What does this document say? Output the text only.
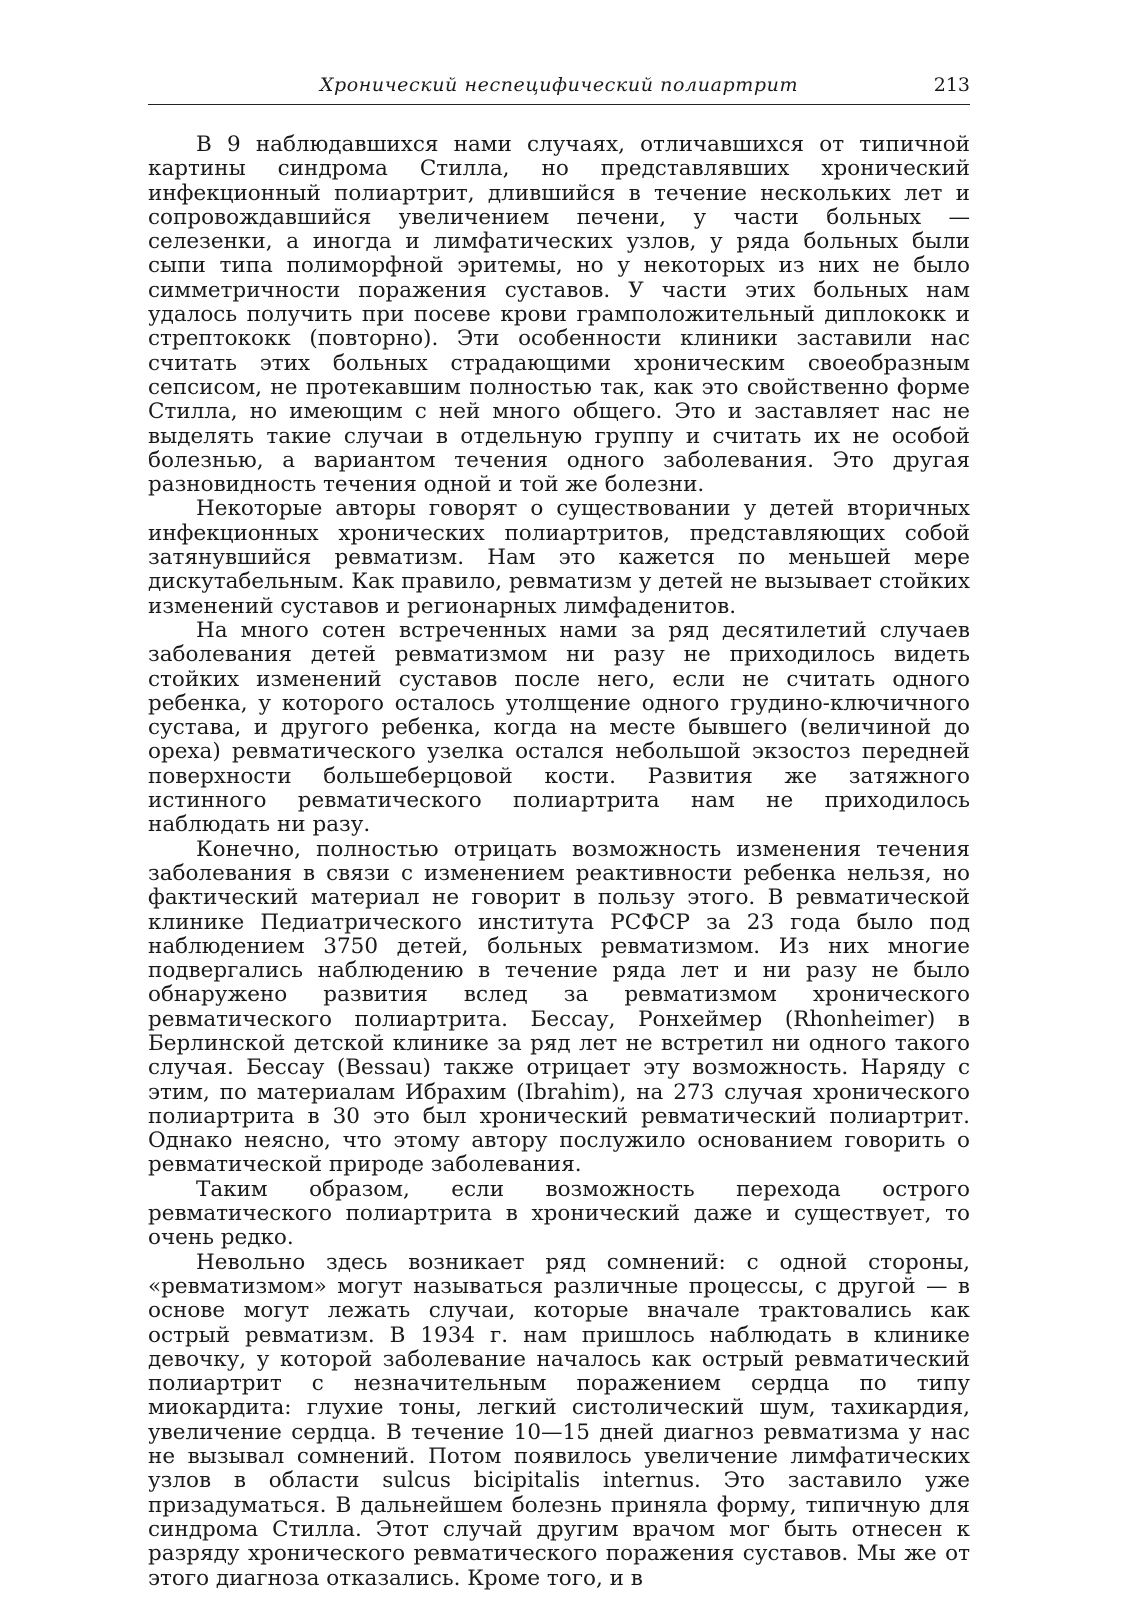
Хронический неспецифический полиартрит	213

В 9 наблюдавшихся нами случаях, отличавшихся от типичной картины синдрома Стилла, но представлявших хронический инфекционный полиартрит, длившийся в течение нескольких лет и сопровождавшийся увеличением печени, у части больных — селезенки, а иногда и лимфатических узлов, у ряда больных были сыпи типа полиморфной эритемы, но у некоторых из них не было симметричности поражения суставов. У части этих больных нам удалось получить при посеве крови грамположительный диплококк и стрептококк (повторно). Эти особенности клиники заставили нас считать этих больных страдающими хроническим своеобразным сепсисом, не протекавшим полностью так, как это свойственно форме Стилла, но имеющим с ней много общего. Это и заставляет нас не выделять такие случаи в отдельную группу и считать их не особой болезнью, а вариантом течения одного заболевания. Это другая разновидность течения одной и той же болезни.

Некоторые авторы говорят о существовании у детей вторичных инфекционных хронических полиартритов, представляющих собой затянувшийся ревматизм. Нам это кажется по меньшей мере дискутабельным. Как правило, ревматизм у детей не вызывает стойких изменений суставов и регионарных лимфаденитов.

На много сотен встреченных нами за ряд десятилетий случаев заболевания детей ревматизмом ни разу не приходилось видеть стойких изменений суставов после него, если не считать одного ребенка, у которого осталось утолщение одного грудино-ключичного сустава, и другого ребенка, когда на месте бывшего (величиной до ореха) ревматического узелка остался небольшой экзостоз передней поверхности большеберцовой кости. Развития же затяжного истинного ревматического полиартрита нам не приходилось наблюдать ни разу.

Конечно, полностью отрицать возможность изменения течения заболевания в связи с изменением реактивности ребенка нельзя, но фактический материал не говорит в пользу этого. В ревматической клинике Педиатрического института РСФСР за 23 года было под наблюдением 3750 детей, больных ревматизмом. Из них многие подвергались наблюдению в течение ряда лет и ни разу не было обнаружено развития вслед за ревматизмом хронического ревматического полиартрита. Бессау, Ронхеймер (Rhonheimer) в Берлинской детской клинике за ряд лет не встретил ни одного такого случая. Бессау (Bessau) также отрицает эту возможность. Наряду с этим, по материалам Ибрахим (Ibrahim), на 273 случая хронического полиартрита в 30 это был хронический ревматический полиартрит. Однако неясно, что этому автору послужило основанием говорить о ревматической природе заболевания.

Таким образом, если возможность перехода острого ревматического полиартрита в хронический даже и существует, то очень редко.

Невольно здесь возникает ряд сомнений: с одной стороны, «ревматизмом» могут называться различные процессы, с другой — в основе могут лежать случаи, которые вначале трактовались как острый ревматизм. В 1934 г. нам пришлось наблюдать в клинике девочку, у которой заболевание началось как острый ревматический полиартрит с незначительным поражением сердца по типу миокардита: глухие тоны, легкий систолический шум, тахикардия, увеличение сердца. В течение 10—15 дней диагноз ревматизма у нас не вызывал сомнений. Потом появилось увеличение лимфатических узлов в области sulcus bicipitalis internus. Это заставило уже призадуматься. В дальнейшем болезнь приняла форму, типичную для синдрома Стилла. Этот случай другим врачом мог быть отнесен к разряду хронического ревматического поражения суставов. Мы же от этого диагноза отказались. Кроме того, и в
